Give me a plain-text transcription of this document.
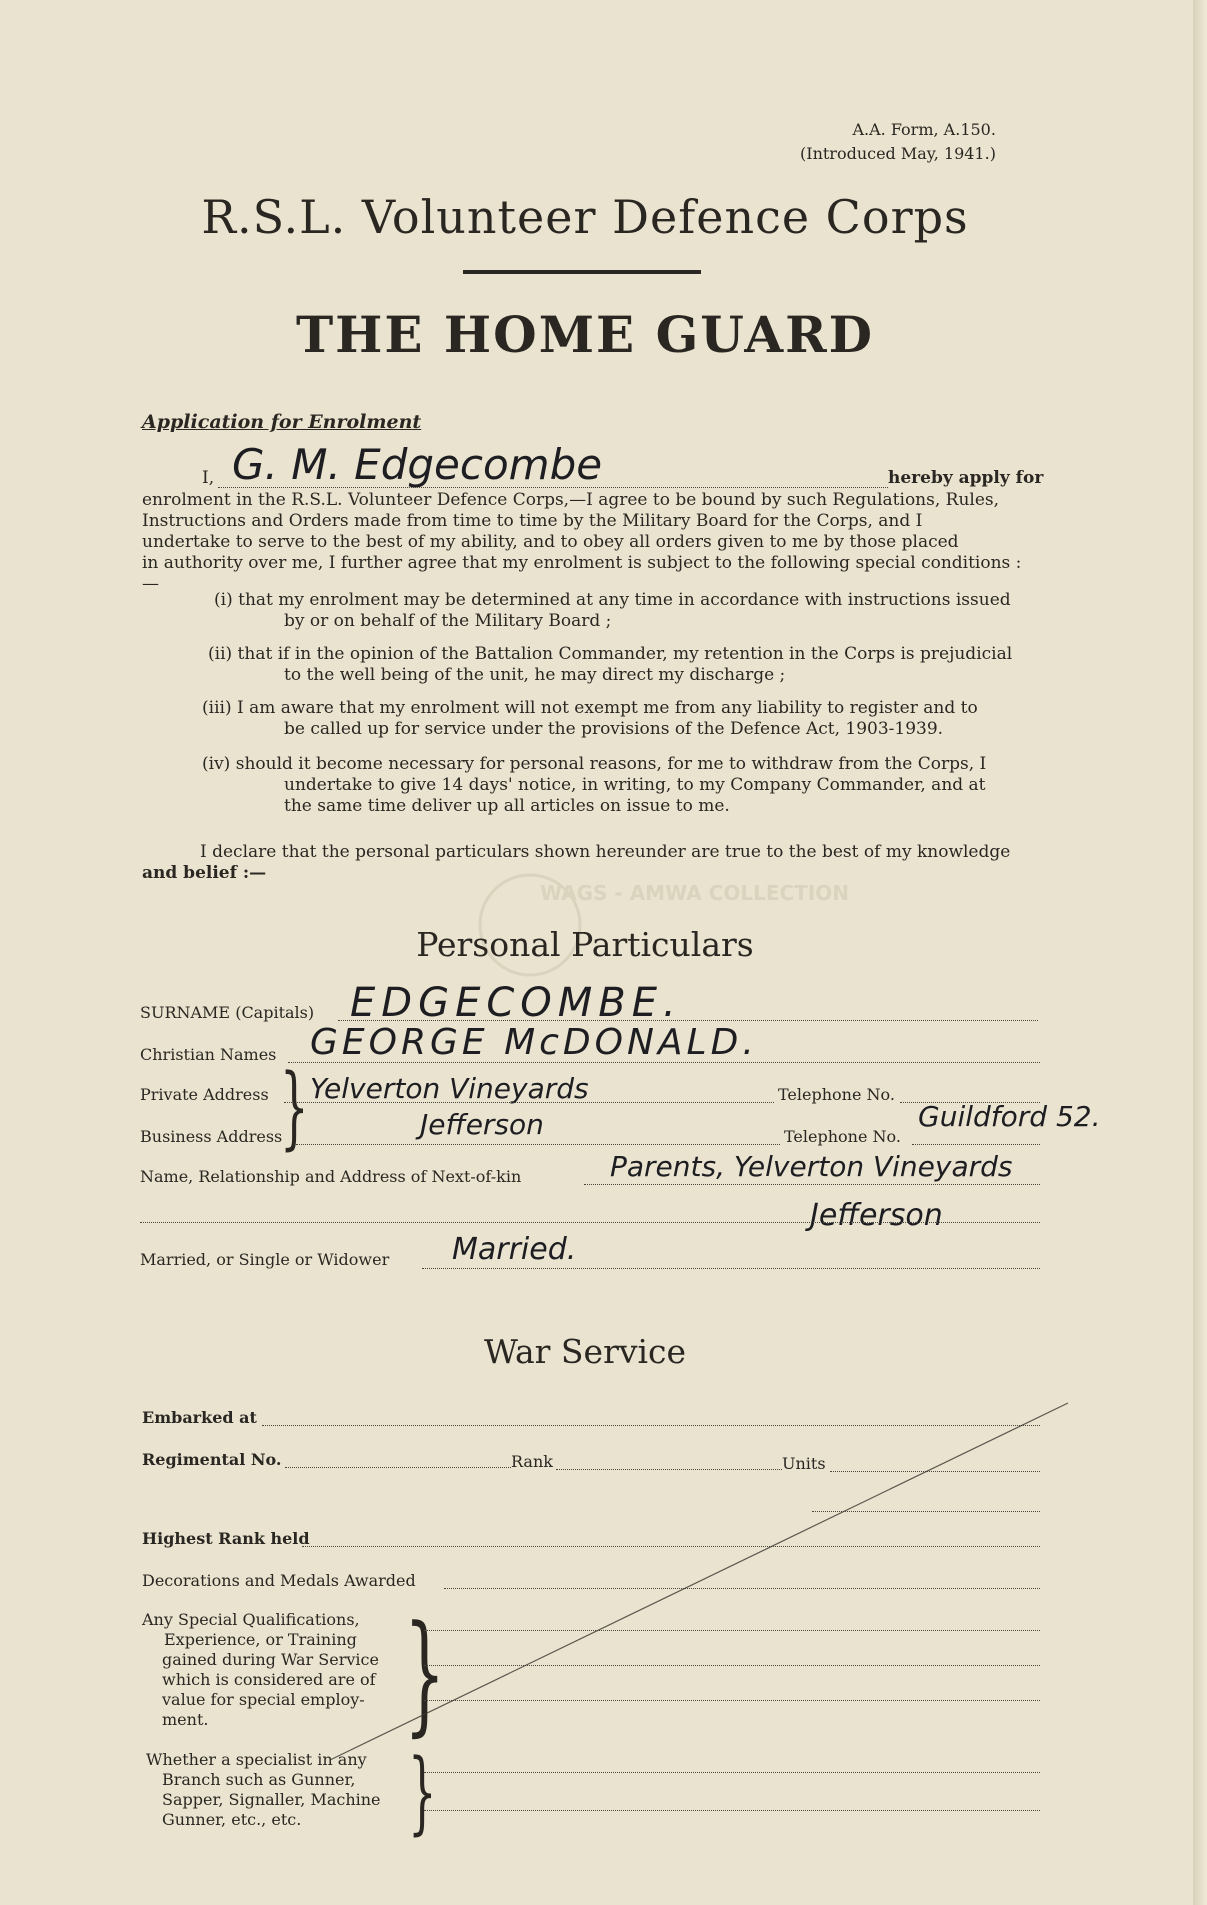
WAGS - AMWA COLLECTION
A.A. Form, A.150.
(Introduced May, 1941.)
R.S.L. Volunteer Defence Corps
THE HOME GUARD
Application for Enrolment
I, G. M. Edgecombe	hereby apply for
enrolment in the R.S.L. Volunteer Defence Corps,—I agree to be bound by such Regulations, Rules,
Instructions and Orders made from time to time by the Military Board for the Corps, and I
undertake to serve to the best of my ability, and to obey all orders given to me by those placed
in authority over me, I further agree that my enrolment is subject to the following special conditions :—
(i) that my enrolment may be determined at any time in accordance with instructions issued
by or on behalf of the Military Board ;
(ii) that if in the opinion of the Battalion Commander, my retention in the Corps is prejudicial
to the well being of the unit, he may direct my discharge ;
(iii) I am aware that my enrolment will not exempt me from any liability to register and to
be called up for service under the provisions of the Defence Act, 1903-1939.
(iv) should it become necessary for personal reasons, for me to withdraw from the Corps, I
undertake to give 14 days' notice, in writing, to my Company Commander, and at
the same time deliver up all articles on issue to me.
I declare that the personal particulars shown hereunder are true to the best of my knowledge
and belief :—
Personal Particulars
SURNAME (Capitals) EDGECOMBE.
Christian Names GEORGE McDONALD.
Private Address Yelverton Vineyards	Telephone No.
}
Business Address	Jefferson	Telephone No.
Guildford 52.
Name, Relationship and Address of Next-of-kin	Parents, Yelverton Vineyards
Jefferson
Married, or Single or Widower Married.
War Service
Embarked at
Regimental No.	Rank	Units
Highest Rank held
Decorations and Medals Awarded
Any Special Qualifications,
Experience, or Training
gained during War Service
which is considered are of
value for special employ-
ment.	}
Whether a specialist in any
Branch such as Gunner,
Sapper, Signaller, Machine
Gunner, etc., etc.	}
